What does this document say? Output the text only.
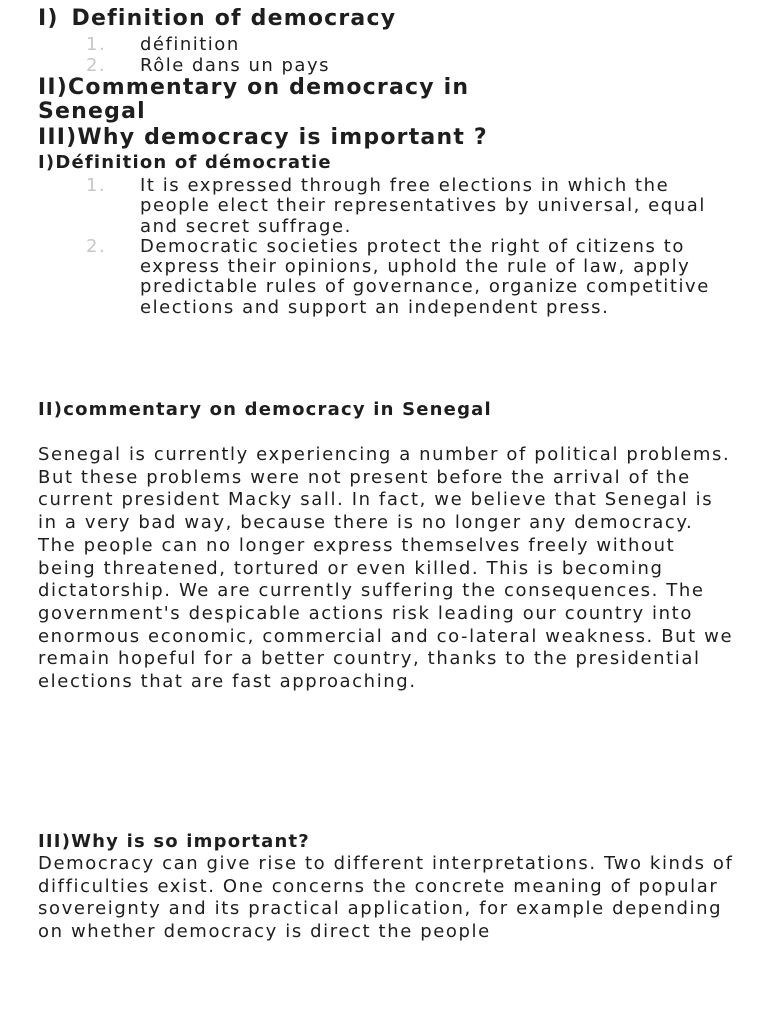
I) Definition of democracy
1. définition
2. Rôle dans un pays
II)Commentary on democracy in
Senegal
III)Why democracy is important ?
I)Définition of démocratie
1.	It is expressed through free elections in which the people elect their representatives by universal, equal and secret suffrage.
2.	Democratic societies protect the right of citizens to express their opinions, uphold the rule of law, apply predictable rules of governance, organize competitive elections and support an independent press.
II)commentary on democracy in Senegal

Senegal is currently experiencing a number of political problems. But these problems were not present before the arrival of the current president Macky sall. In fact, we believe that Senegal is in a very bad way, because there is no longer any democracy. The people can no longer express themselves freely without being threatened, tortured or even killed. This is becoming dictatorship. We are currently suffering the consequences. The government's despicable actions risk leading our country into enormous economic, commercial and co-lateral weakness. But we remain hopeful for a better country, thanks to the presidential elections that are fast approaching.

III)Why is so important?

Democracy can give rise to different interpretations. Two kinds of difficulties exist. One concerns the concrete meaning of popular sovereignty and its practical application, for example depending on whether democracy is direct the people
